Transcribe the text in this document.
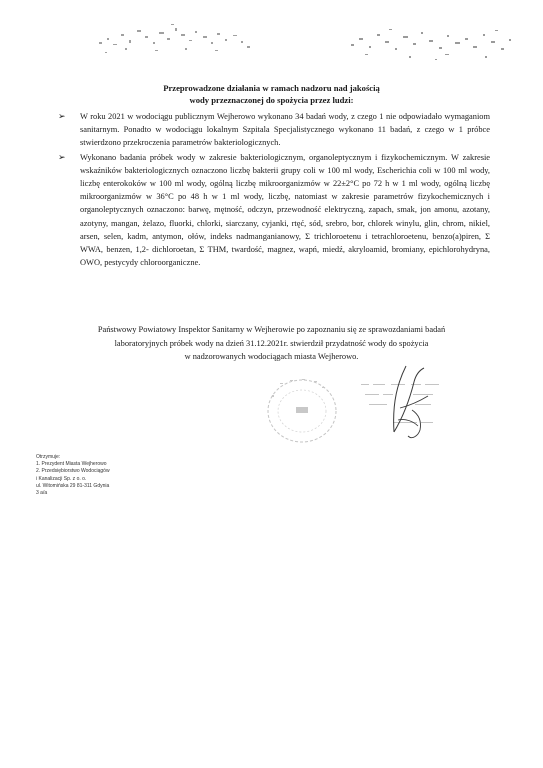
Przeprowadzone działania w ramach nadzoru nad jakością
wody przeznaczonej do spożycia przez ludzi:
➢ W roku 2021 w wodociągu publicznym Wejherowo wykonano 34 badań wody, z czego 1 nie odpowiadało wymaganiom sanitarnym. Ponadto w wodociągu lokalnym Szpitala Specjalistycznego wykonano 11 badań, z czego w 1 próbce stwierdzono przekroczenia parametrów bakteriologicznych.
➢ Wykonano badania próbek wody w zakresie bakteriologicznym, organoleptycznym i fizykochemicznym. W zakresie wskaźników bakteriologicznych oznaczono liczbę bakterii grupy coli w 100 ml wody, Escherichia coli w 100 ml wody, liczbę enterokoków w 100 ml wody, ogólną liczbę mikroorganizmów w 22±2°C po 72 h w 1 ml wody, ogólną liczbę mikroorganizmów w 36°C po 48 h w 1 ml wody, liczbę, natomiast w zakresie parametrów fizykochemicznych i organoleptycznych oznaczono: barwę, mętność, odczyn, przewodność elektryczną, zapach, smak, jon amonu, azotany, azotyny, mangan, żelazo, fluorki, chlorki, siarczany, cyjanki, rtęć, sód, srebro, bor, chlorek winylu, glin, chrom, nikiel, arsen, selen, kadm, antymon, ołów, indeks nadmanganianowy, Σ trichloroetenu i tetrachloroetenu, benzo(a)piren, Σ WWA, benzen, 1,2- dichloroetan, Σ THM, twardość, magnez, wapń, miedź, akryloamid, bromiany, epichlorohydryna, OWO, pestycydy chloroorganiczne.
Państwowy Powiatowy Inspektor Sanitarny w Wejherowie po zapoznaniu się ze sprawozdaniami badań
laboratoryjnych próbek wody na dzień 31.12.2021r. stwierdził przydatność wody do spożycia
w nadzorowanych wodociągach miasta Wejherowo.
Otrzymuje:
1. Prezydent Miasta Wejherowo
2. Przedsiębiorstwo Wodociągów
i Kanalizacji Sp. z o. o.
ul. Witomińska 29 81-311 Gdynia
3 a/a
